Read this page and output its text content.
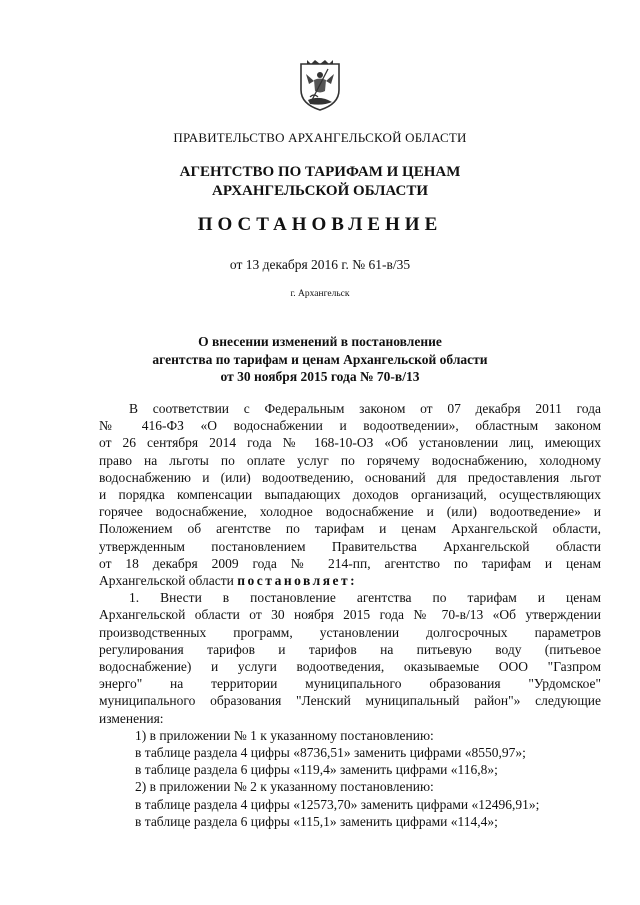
ПРАВИТЕЛЬСТВО АРХАНГЕЛЬСКОЙ ОБЛАСТИ
АГЕНТСТВО ПО ТАРИФАМ И ЦЕНАМ
АРХАНГЕЛЬСКОЙ ОБЛАСТИ
ПОСТАНОВЛЕНИЕ
от 13 декабря 2016 г. № 61-в/35
г. Архангельск
О внесении изменений в постановление
агентства по тарифам и ценам Архангельской области
от 30 ноября 2015 года № 70-в/13

В соответствии с Федеральным законом от 07 декабря 2011 года

№ 416-ФЗ «О водоснабжении и водоотведении», областным законом

от 26 сентября 2014 года № 168-10-ОЗ «Об установлении лиц, имеющих

право на льготы по оплате услуг по горячему водоснабжению, холодному

водоснабжению и (или) водоотведению, оснований для предоставления льгот

и порядка компенсации выпадающих доходов организаций, осуществляющих

горячее водоснабжение, холодное водоснабжение и (или) водоотведение» и

Положением об агентстве по тарифам и ценам Архангельской области,

утвержденным постановлением Правительства Архангельской области

от 18 декабря 2009 года № 214-пп, агентство по тарифам и ценам

Архангельской области постановляет:

1. Внести в постановление агентства по тарифам и ценам

Архангельской области от 30 ноября 2015 года № 70-в/13 «Об утверждении

производственных программ, установлении долгосрочных параметров

регулирования тарифов и тарифов на питьевую воду (питьевое

водоснабжение) и услуги водоотведения, оказываемые ООО "Газпром

энерго" на территории муниципального образования "Урдомское"

муниципального образования "Ленский муниципальный район"» следующие

изменения:

1) в приложении № 1 к указанному постановлению:

в таблице раздела 4 цифры «8736,51» заменить цифрами «8550,97»;

в таблице раздела 6 цифры «119,4» заменить цифрами «116,8»;

2) в приложении № 2 к указанному постановлению:

в таблице раздела 4 цифры «12573,70» заменить цифрами «12496,91»;

в таблице раздела 6 цифры «115,1» заменить цифрами «114,4»;
